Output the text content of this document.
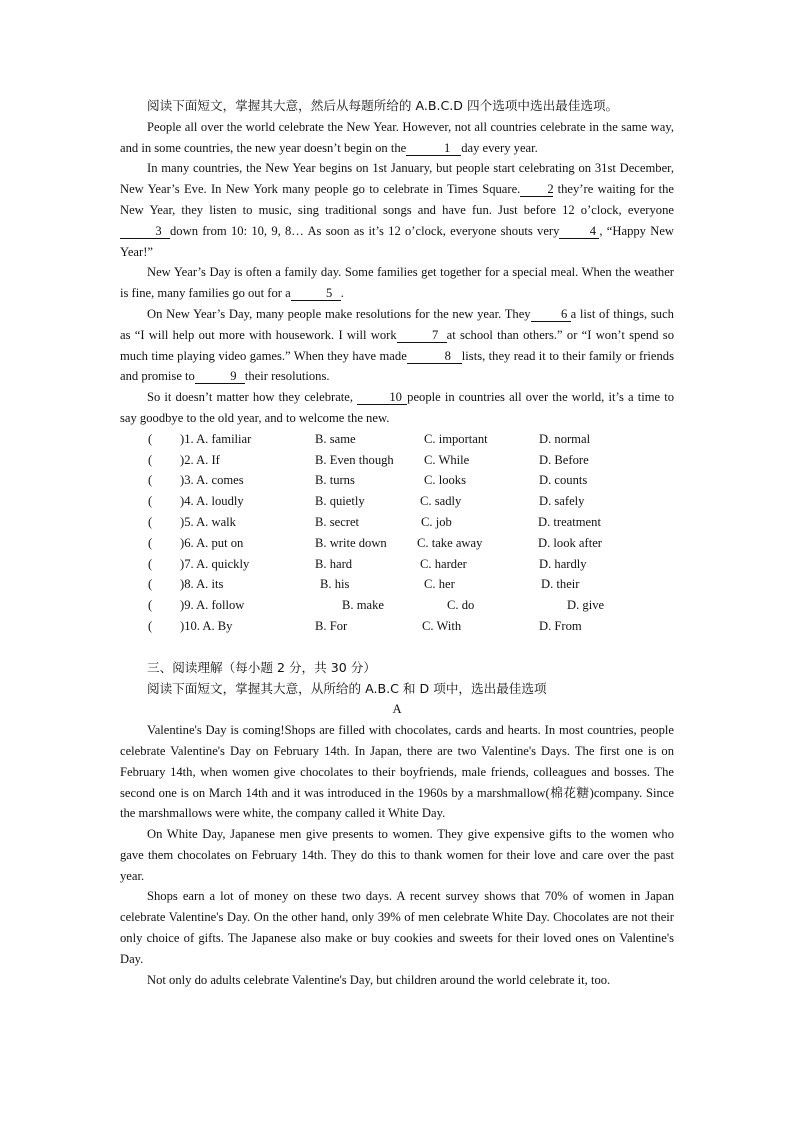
阅读下面短文，掌握其大意，然后从每题所给的 A.B.C.D 四个选项中选出最佳选项。

People all over the world celebrate the New Year. However, not all countries celebrate in the same way, and in some countries, the new year doesn’t begin on the	1 day every year.

In many countries, the New Year begins on 1st January, but people start celebrating on 31st December, New Year’s Eve. In New York many people go to celebrate in Times Square. 2 they’re waiting for the New Year, they listen to music, sing traditional songs and have fun. Just before 12 o’clock, everyone 3 down from 10: 10, 9, 8… As soon as it’s 12 o’clock, everyone shouts very 4 , “Happy New Year!”

New Year’s Day is often a family day. Some families get together for a special meal. When the weather is fine, many families go out for a	5 .

On New Year’s Day, many people make resolutions for the new year. They 6 a list of things, such as “I will help out more with housework. I will work	7 at school than others.” or “I won’t spend so much time playing video games.” When they have made	8 lists, they read it to their family or friends and promise to	9 their resolutions.

So it doesn’t matter how they celebrate,	10 people in countries all over the world, it’s a time to say goodbye to the old year, and to welcome the new.

( )1. A. familiar	B. same	C. important	D. normal
( )2. A. If	B. Even though C. While	D. Before
( )3. A. comes	B. turns	C. looks	D. counts
( )4. A. loudly	B. quietly	C. sadly	D. safely
( )5. A. walk	B. secret	C. job	D. treatment
( )6. A. put on	B. write down C. take away	D. look after
( )7. A. quickly	B. hard	C. harder	D. hardly
( )8. A. its	B. his	C. her	D. their
( )9. A. follow	B. make	C. do	D. give
( )10. A. By	B. For	C. With	D. From

三、阅读理解（每小题 2 分，共 30 分）

阅读下面短文，掌握其大意，从所给的 A.B.C 和 D 项中，选出最佳选项

A

Valentine's Day is coming!Shops are filled with chocolates, cards and hearts. In most countries, people celebrate Valentine's Day on February 14th. In Japan, there are two Valentine's Days. The first one is on February 14th, when women give chocolates to their boyfriends, male friends, colleagues and bosses. The second one is on March 14th and it was introduced in the 1960s by a marshmallow(棉花糖)company. Since the marshmallows were white, the company called it White Day.

On White Day, Japanese men give presents to women. They give expensive gifts to the women who gave them chocolates on February 14th. They do this to thank women for their love and care over the past year.

Shops earn a lot of money on these two days. A recent survey shows that 70% of women in Japan celebrate Valentine's Day. On the other hand, only 39% of men celebrate White Day. Chocolates are not their only choice of gifts. The Japanese also make or buy cookies and sweets for their loved ones on Valentine's Day.

Not only do adults celebrate Valentine's Day, but children around the world celebrate it, too.
